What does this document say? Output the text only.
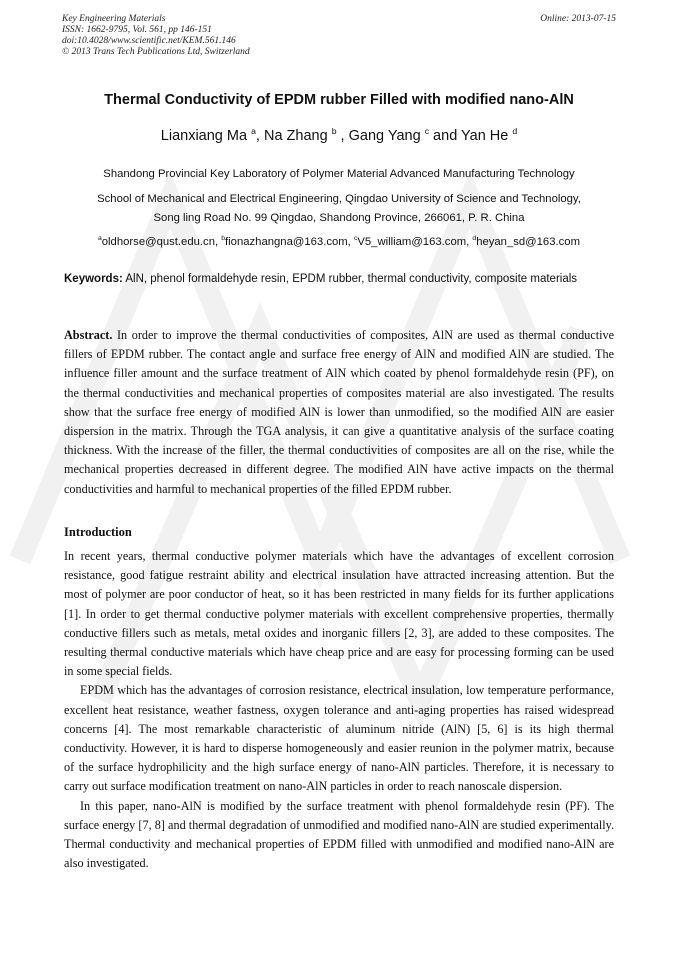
Key Engineering Materials
ISSN: 1662-9795, Vol. 561, pp 146-151
doi:10.4028/www.scientific.net/KEM.561.146
© 2013 Trans Tech Publications Ltd, Switzerland
Online: 2013-07-15
Thermal Conductivity of EPDM rubber Filled with modified nano-AlN
Lianxiang Ma $^a$, Na Zhang $^b$ , Gang Yang $^c$ and Yan He $^d$
Shandong Provincial Key Laboratory of Polymer Material Advanced Manufacturing Technology
School of Mechanical and Electrical Engineering, Qingdao University of Science and Technology,
Song ling Road No. 99 Qingdao, Shandong Province, 266061, P. R. China
$^a$oldhorse@qust.edu.cn, $^b$fionazhangna@163.com, $^c$V5_william@163.com, $^d$heyan_sd@163.com
Keywords: AlN, phenol formaldehyde resin, EPDM rubber, thermal conductivity, composite materials
Abstract. In order to improve the thermal conductivities of composites, AlN are used as thermal conductive fillers of EPDM rubber. The contact angle and surface free energy of AlN and modified AlN are studied. The influence filler amount and the surface treatment of AlN which coated by phenol formaldehyde resin (PF), on the thermal conductivities and mechanical properties of composites material are also investigated. The results show that the surface free energy of modified AlN is lower than unmodified, so the modified AlN are easier dispersion in the matrix. Through the TGA analysis, it can give a quantitative analysis of the surface coating thickness. With the increase of the filler, the thermal conductivities of composites are all on the rise, while the mechanical properties decreased in different degree. The modified AlN have active impacts on the thermal conductivities and harmful to mechanical properties of the filled EPDM rubber.
Introduction

In recent years, thermal conductive polymer materials which have the advantages of excellent corrosion resistance, good fatigue restraint ability and electrical insulation have attracted increasing attention. But the most of polymer are poor conductor of heat, so it has been restricted in many fields for its further applications [1]. In order to get thermal conductive polymer materials with excellent comprehensive properties, thermally conductive fillers such as metals, metal oxides and inorganic fillers [2, 3], are added to these composites. The resulting thermal conductive materials which have cheap price and are easy for processing forming can be used in some special fields.

EPDM which has the advantages of corrosion resistance, electrical insulation, low temperature performance, excellent heat resistance, weather fastness, oxygen tolerance and anti-aging properties has raised widespread concerns [4]. The most remarkable characteristic of aluminum nitride (AlN) [5, 6] is its high thermal conductivity. However, it is hard to disperse homogeneously and easier reunion in the polymer matrix, because of the surface hydrophilicity and the high surface energy of nano-AlN particles. Therefore, it is necessary to carry out surface modification treatment on nano-AlN particles in order to reach nanoscale dispersion.

In this paper, nano-AlN is modified by the surface treatment with phenol formaldehyde resin (PF). The surface energy [7, 8] and thermal degradation of unmodified and modified nano-AlN are studied experimentally. Thermal conductivity and mechanical properties of EPDM filled with unmodified and modified nano-AlN are also investigated.
